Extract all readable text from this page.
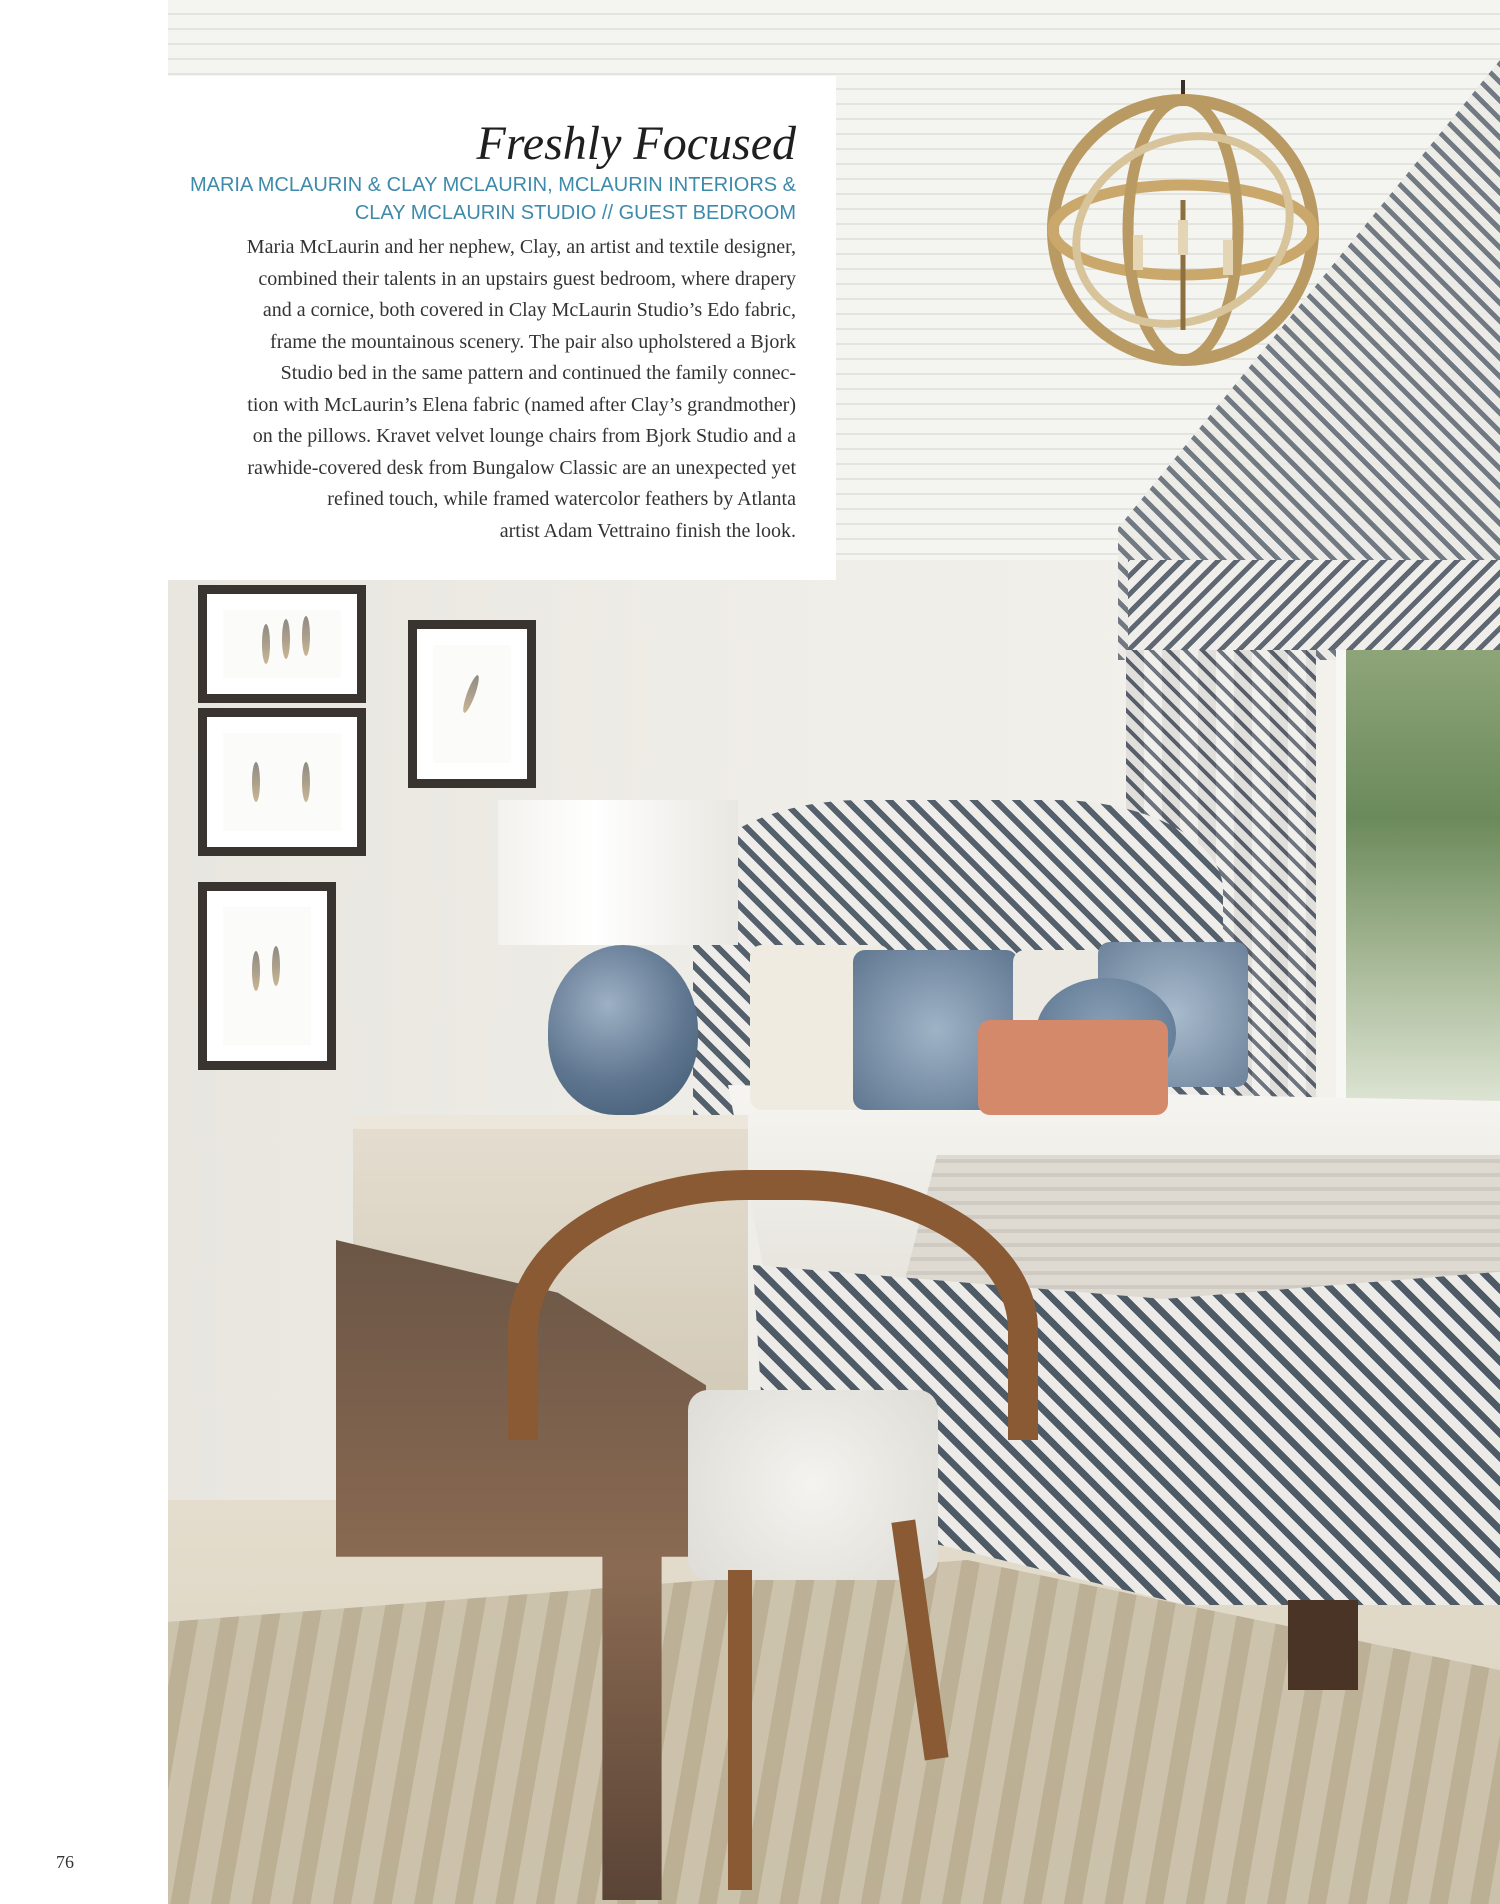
Freshly Focused

MARIA MCLAURIN & CLAY MCLAURIN, MCLAURIN INTERIORS &
CLAY MCLAURIN STUDIO // GUEST BEDROOM

Maria McLaurin and her nephew, Clay, an artist and textile designer,
combined their talents in an upstairs guest bedroom, where drapery
and a cornice, both covered in Clay McLaurin Studio’s Edo fabric,
frame the mountainous scenery. The pair also upholstered a Bjork
Studio bed in the same pattern and continued the family connec-
tion with McLaurin’s Elena fabric (named after Clay’s grandmother)
on the pillows. Kravet velvet lounge chairs from Bjork Studio and a
rawhide-covered desk from Bungalow Classic are an unexpected yet
refined touch, while framed watercolor feathers by Atlanta
artist Adam Vettraino finish the look.

76
